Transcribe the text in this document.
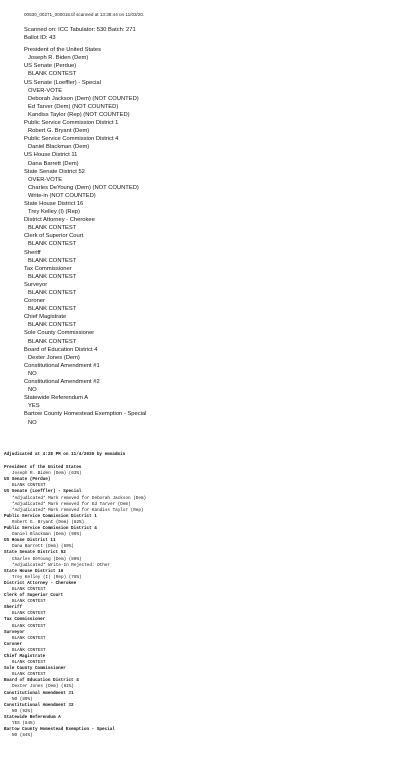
00530_00271_000015.tif scanned at 13:38:44 on 11/03/20.
Scanned on: ICC Tabulator: 530 Batch: 271
Ballot ID: 43
President of the United States
Joseph R. Biden (Dem)
US Senate (Perdue)
BLANK CONTEST
US Senate (Loeffler) - Special
OVER-VOTE
Deborah Jackson (Dem) (NOT COUNTED)
Ed Tarver (Dem) (NOT COUNTED)
Kandiss Taylor (Rep) (NOT COUNTED)
Public Service Commission District 1
Robert G. Bryant (Dem)
Public Service Commission District 4
Daniel Blackman (Dem)
US House District 11
Dana Barrett (Dem)
State Senate District 52
OVER-VOTE
Charles DeYoung (Dem) (NOT COUNTED)
Write-in (NOT COUNTED)
State House District 16
Trey Kelley (I) (Rep)
District Attorney - Cherokee
BLANK CONTEST
Clerk of Superior Court
BLANK CONTEST
Sheriff
BLANK CONTEST
Tax Commissioner
BLANK CONTEST
Surveyor
BLANK CONTEST
Coroner
BLANK CONTEST
Chief Magistrate
BLANK CONTEST
Sole County Commissioner
BLANK CONTEST
Board of Education District 4
Dexter Jones (Dem)
Constitutional Amendment #1
NO
Constitutional Amendment #2
NO
Statewide Referendum A
YES
Bartow County Homestead Exemption - Special
NO
Adjudicated at 4:28 PM on 11/4/2020 by emsadmin
President of the United States
Joseph R. Biden (Dem) (63%)
US Senate (Perdue)
BLANK CONTEST
US Senate (Loeffler) - Special
*Adjudicated* Mark removed for Deborah Jackson (Dem)
*Adjudicated* Mark removed for Ed Tarver (Dem)
*Adjudicated* Mark removed for Kandiss Taylor (Rep)
Public Service Commission District 1
Robert G. Bryant (Dem) (82%)
Public Service Commission District 4
Daniel Blackman (Dem) (96%)
US House District 11
Dana Barrett (Dem) (69%)
State Senate District 52
Charles DeYoung (Dem) (80%)
*Adjudicated* Write-In Rejected: Other
State House District 16
Trey Kelley (I) (Rep) (78%)
District Attorney - Cherokee
BLANK CONTEST
Clerk of Superior Court
BLANK CONTEST
Sheriff
BLANK CONTEST
Tax Commissioner
BLANK CONTEST
Surveyor
BLANK CONTEST
Coroner
BLANK CONTEST
Chief Magistrate
BLANK CONTEST
Sole County Commissioner
BLANK CONTEST
Board of Education District 4
Dexter Jones (Dem) (61%)
Constitutional Amendment #1
NO (89%)
Constitutional Amendment #2
NO (92%)
Statewide Referendum A
YES (84%)
Bartow County Homestead Exemption - Special
NO (84%)
